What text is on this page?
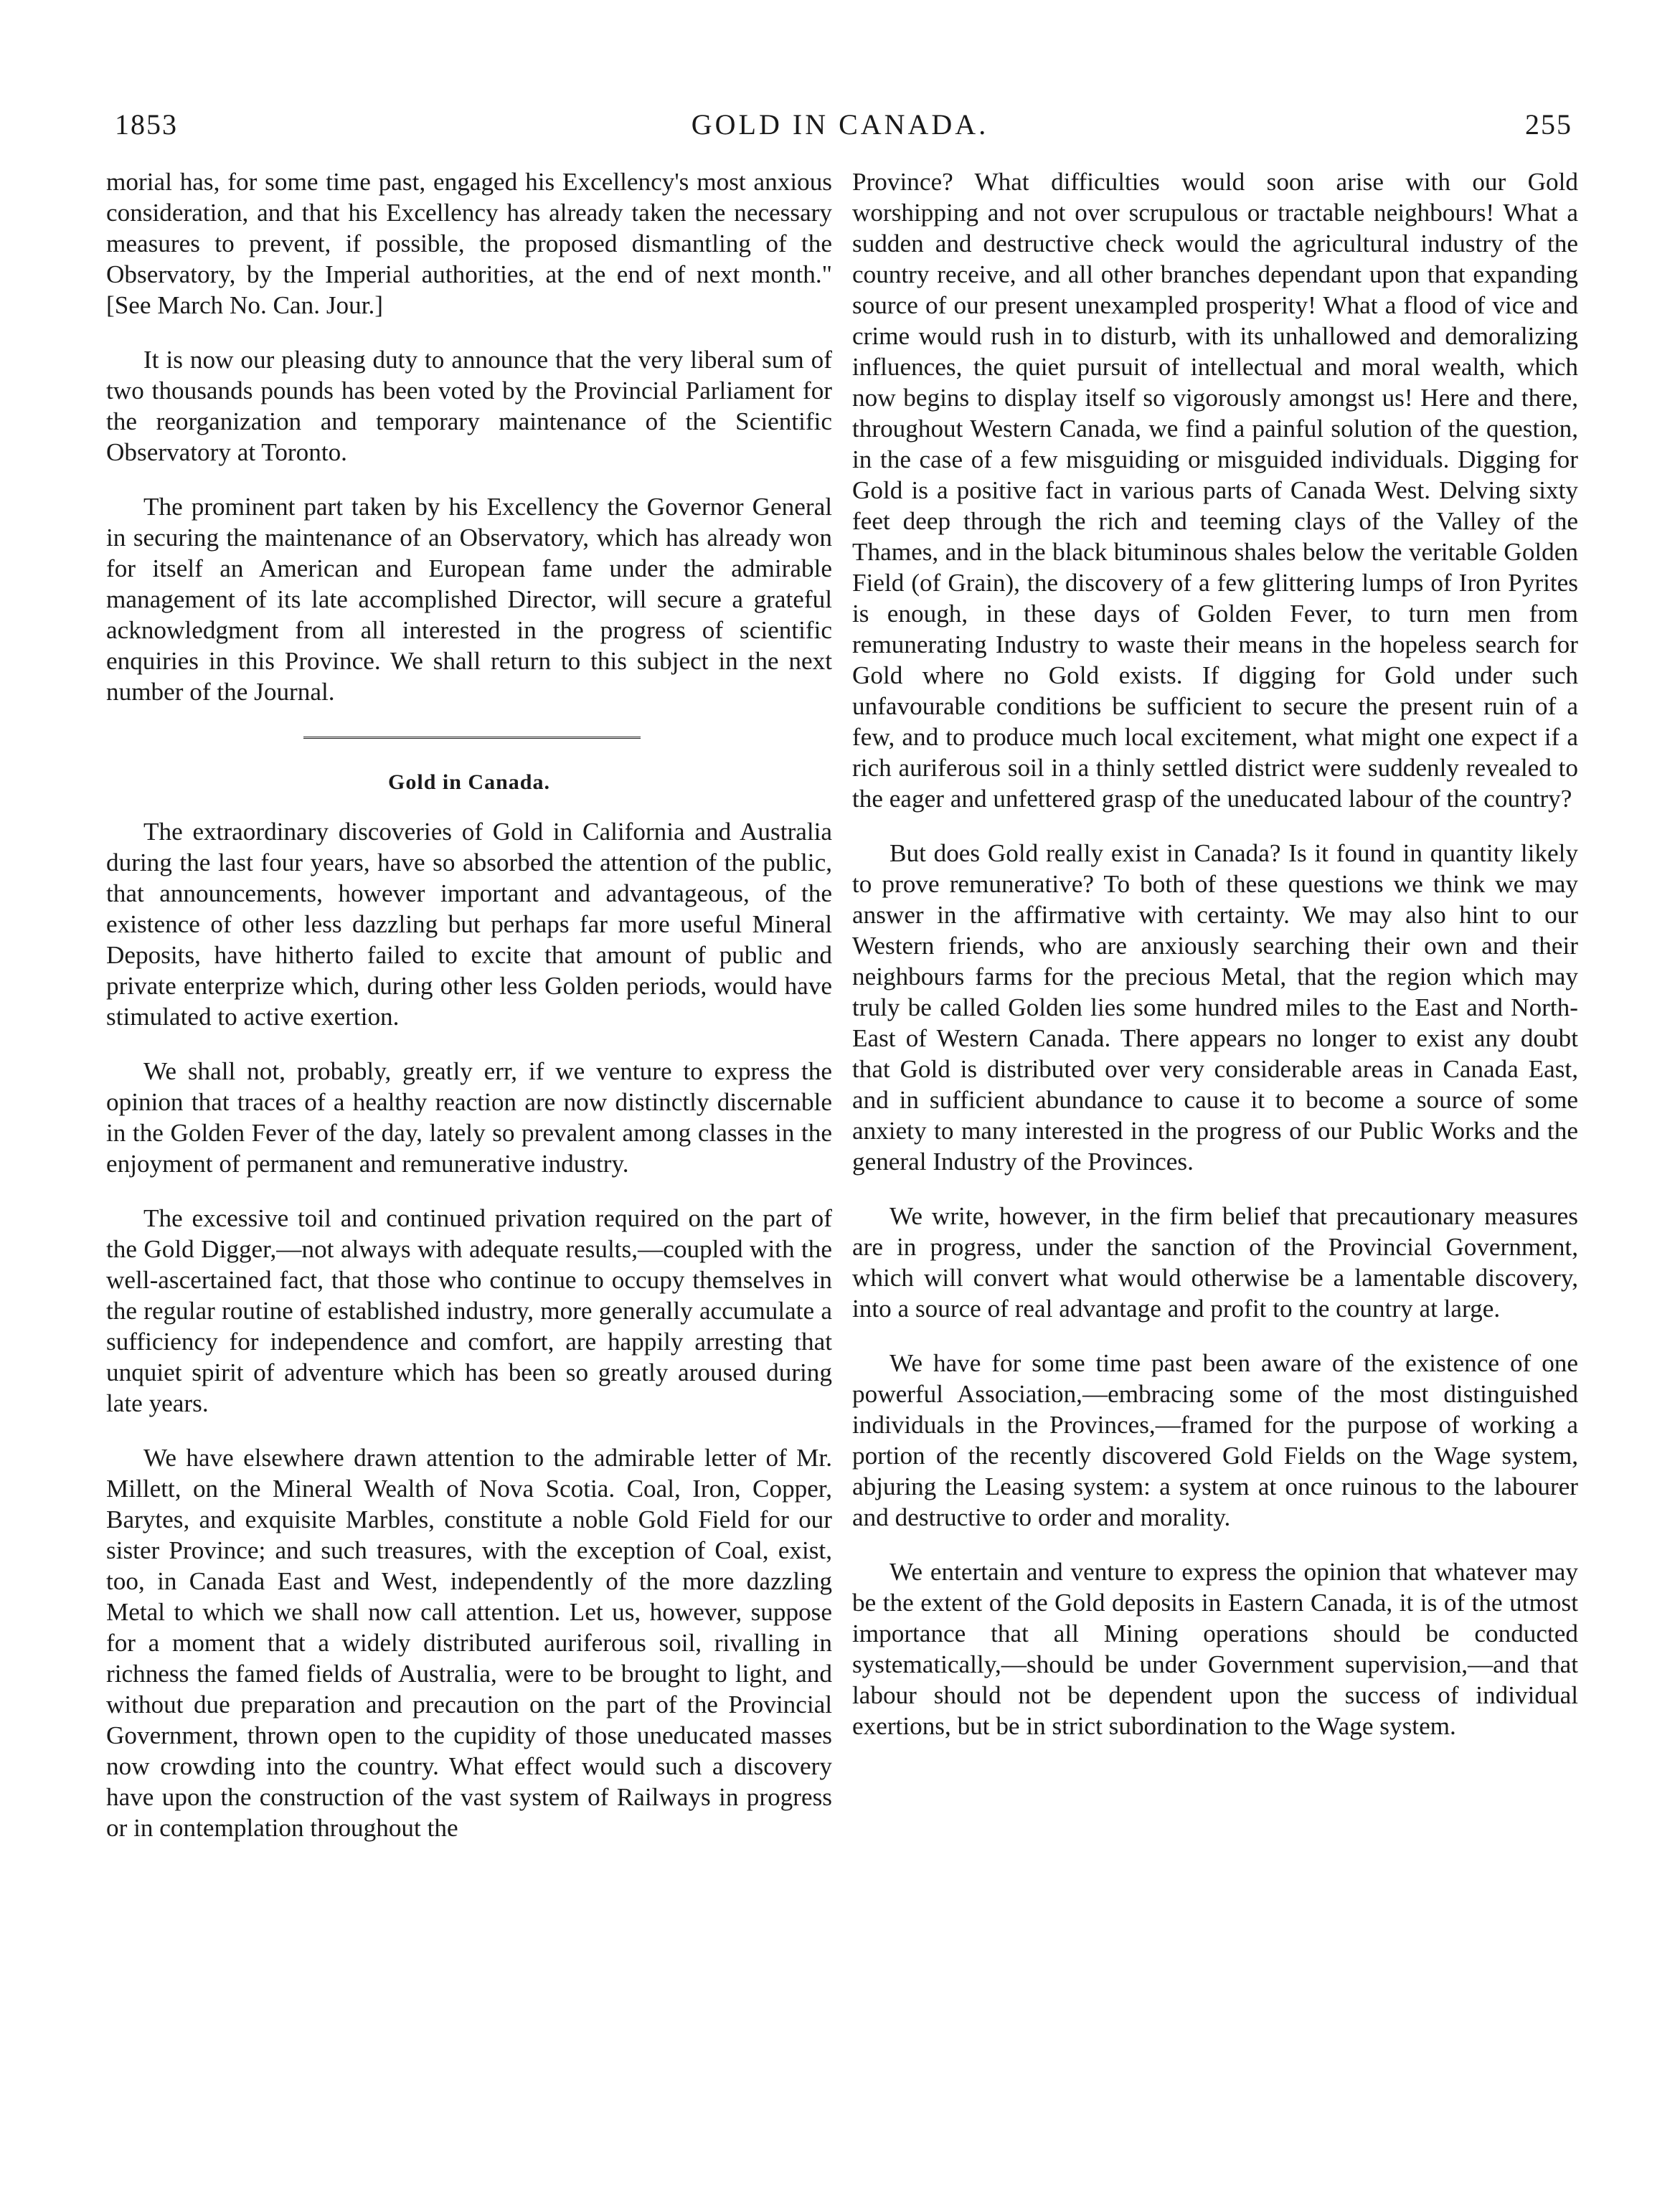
1853	GOLD IN CANADA.	255

morial has, for some time past, engaged his Excellency's most anxious consideration, and that his Excellency has already taken the necessary measures to prevent, if possible, the proposed dismantling of the Observatory, by the Imperial authorities, at the end of next month." [See March No. Can. Jour.]

It is now our pleasing duty to announce that the very liberal sum of two thousands pounds has been voted by the Provincial Parliament for the reorganization and temporary maintenance of the Scientific Observatory at Toronto.

The prominent part taken by his Excellency the Governor General in securing the maintenance of an Observatory, which has already won for itself an American and European fame under the admirable management of its late accomplished Director, will secure a grateful acknowledgment from all interested in the progress of scientific enquiries in this Province. We shall return to this subject in the next number of the Journal.

Gold in Canada.

The extraordinary discoveries of Gold in California and Australia during the last four years, have so absorbed the attention of the public, that announcements, however important and advantageous, of the existence of other less dazzling but perhaps far more useful Mineral Deposits, have hitherto failed to excite that amount of public and private enterprize which, during other less Golden periods, would have stimulated to active exertion.

We shall not, probably, greatly err, if we venture to express the opinion that traces of a healthy reaction are now distinctly discernable in the Golden Fever of the day, lately so prevalent among classes in the enjoyment of permanent and remunerative industry.

The excessive toil and continued privation required on the part of the Gold Digger,—not always with adequate results,—coupled with the well-ascertained fact, that those who continue to occupy themselves in the regular routine of established industry, more generally accumulate a sufficiency for independence and comfort, are happily arresting that unquiet spirit of adventure which has been so greatly aroused during late years.

We have elsewhere drawn attention to the admirable letter of Mr. Millett, on the Mineral Wealth of Nova Scotia. Coal, Iron, Copper, Barytes, and exquisite Marbles, constitute a noble Gold Field for our sister Province; and such treasures, with the exception of Coal, exist, too, in Canada East and West, independently of the more dazzling Metal to which we shall now call attention. Let us, however, suppose for a moment that a widely distributed auriferous soil, rivalling in richness the famed fields of Australia, were to be brought to light, and without due preparation and precaution on the part of the Provincial Government, thrown open to the cupidity of those uneducated masses now crowding into the country. What effect would such a discovery have upon the construction of the vast system of Railways in progress or in contemplation throughout the

Province? What difficulties would soon arise with our Gold worshipping and not over scrupulous or tractable neighbours! What a sudden and destructive check would the agricultural industry of the country receive, and all other branches dependant upon that expanding source of our present unexampled prosperity! What a flood of vice and crime would rush in to disturb, with its unhallowed and demoralizing influences, the quiet pursuit of intellectual and moral wealth, which now begins to display itself so vigorously amongst us! Here and there, throughout Western Canada, we find a painful solution of the question, in the case of a few misguiding or misguided individuals. Digging for Gold is a positive fact in various parts of Canada West. Delving sixty feet deep through the rich and teeming clays of the Valley of the Thames, and in the black bituminous shales below the veritable Golden Field (of Grain), the discovery of a few glittering lumps of Iron Pyrites is enough, in these days of Golden Fever, to turn men from remunerating Industry to waste their means in the hopeless search for Gold where no Gold exists. If digging for Gold under such unfavourable conditions be sufficient to secure the present ruin of a few, and to produce much local excitement, what might one expect if a rich auriferous soil in a thinly settled district were suddenly revealed to the eager and unfettered grasp of the uneducated labour of the country?

But does Gold really exist in Canada? Is it found in quantity likely to prove remunerative? To both of these questions we think we may answer in the affirmative with certainty. We may also hint to our Western friends, who are anxiously searching their own and their neighbours farms for the precious Metal, that the region which may truly be called Golden lies some hundred miles to the East and North-East of Western Canada. There appears no longer to exist any doubt that Gold is distributed over very considerable areas in Canada East, and in sufficient abundance to cause it to become a source of some anxiety to many interested in the progress of our Public Works and the general Industry of the Provinces.

We write, however, in the firm belief that precautionary measures are in progress, under the sanction of the Provincial Government, which will convert what would otherwise be a lamentable discovery, into a source of real advantage and profit to the country at large.

We have for some time past been aware of the existence of one powerful Association,—embracing some of the most distinguished individuals in the Provinces,—framed for the purpose of working a portion of the recently discovered Gold Fields on the Wage system, abjuring the Leasing system: a system at once ruinous to the labourer and destructive to order and morality.

We entertain and venture to express the opinion that whatever may be the extent of the Gold deposits in Eastern Canada, it is of the utmost importance that all Mining operations should be conducted systematically,—should be under Government supervision,—and that labour should not be dependent upon the success of individual exertions, but be in strict subordination to the Wage system.
